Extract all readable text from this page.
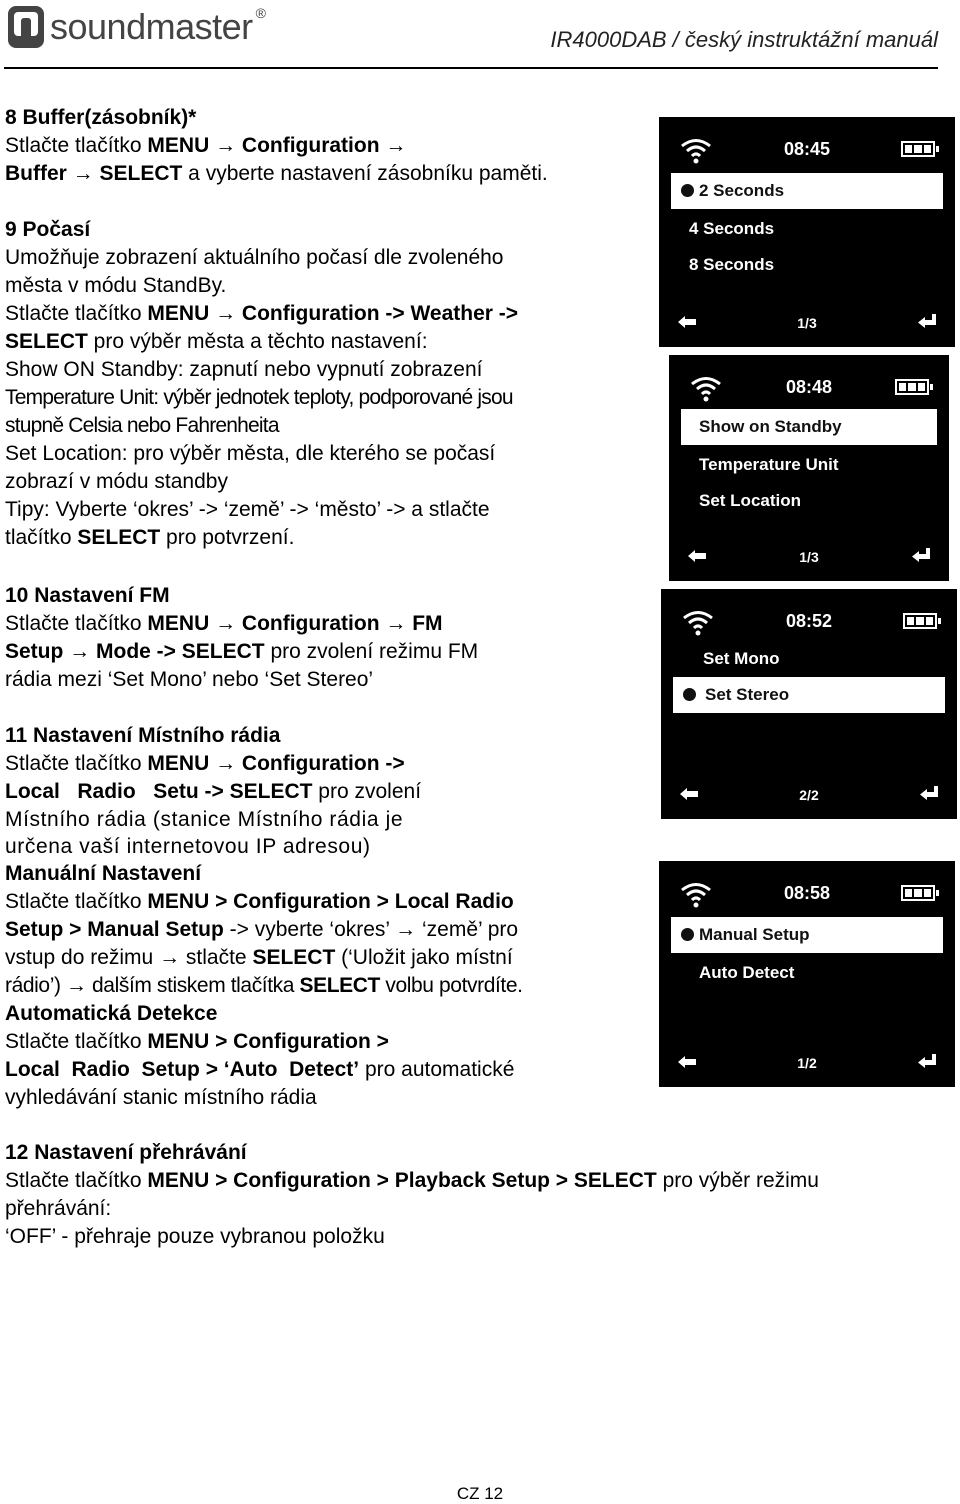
soundmaster ®
IR4000DAB / český instruktážní manuál

8 Buffer(zásobník)*

Stlačte tlačítko MENU → Configuration →

Buffer → SELECT a vyberte nastavení zásobníku paměti.

9 Počasí

Umožňuje zobrazení aktuálního počasí dle zvoleného

města v módu StandBy.

Stlačte tlačítko MENU → Configuration -> Weather ->

SELECT pro výběr města a těchto nastavení:

Show ON Standby: zapnutí nebo vypnutí zobrazení

Temperature Unit: výběr jednotek teploty, podporované jsou

stupně Celsia nebo Fahrenheita

Set Location: pro výběr města, dle kterého se počasí

zobrazí v módu standby

Tipy: Vyberte ‘okres’ -> ‘země’ -> ‘město’ -> a stlačte

tlačítko SELECT pro potvrzení.

10 Nastavení FM

Stlačte tlačítko MENU → Configuration → FM

Setup → Mode -> SELECT pro zvolení režimu FM

rádia mezi ‘Set Mono’ nebo ‘Set Stereo’

11 Nastavení Místního rádia

Stlačte tlačítko MENU → Configuration ->

Local   Radio   Setu -> SELECT pro zvolení

Místního rádia (stanice Místního rádia je

určena vaší internetovou IP adresou)

Manuální Nastavení

Stlačte tlačítko MENU > Configuration > Local Radio

Setup > Manual Setup -> vyberte ‘okres’ → ‘země’ pro

vstup do režimu → stlačte SELECT (‘Uložit jako místní

rádio’) → dalším stiskem tlačítka SELECT volbu potvrdíte.

Automatická Detekce

Stlačte tlačítko MENU > Configuration >

Local  Radio  Setup > ‘Auto  Detect’ pro automatické

vyhledávání stanic místního rádia

12 Nastavení přehrávání

Stlačte tlačítko MENU > Configuration > Playback Setup > SELECT pro výběr režimu

přehrávání:

‘OFF’ - přehraje pouze vybranou položku

08:45
2 Seconds
4 Seconds
8 Seconds
1/3
08:48
Show on Standby
Temperature Unit
Set Location
1/3
08:52
Set Mono
Set Stereo
2/2
08:58
Manual Setup
Auto Detect
1/2
CZ 12
